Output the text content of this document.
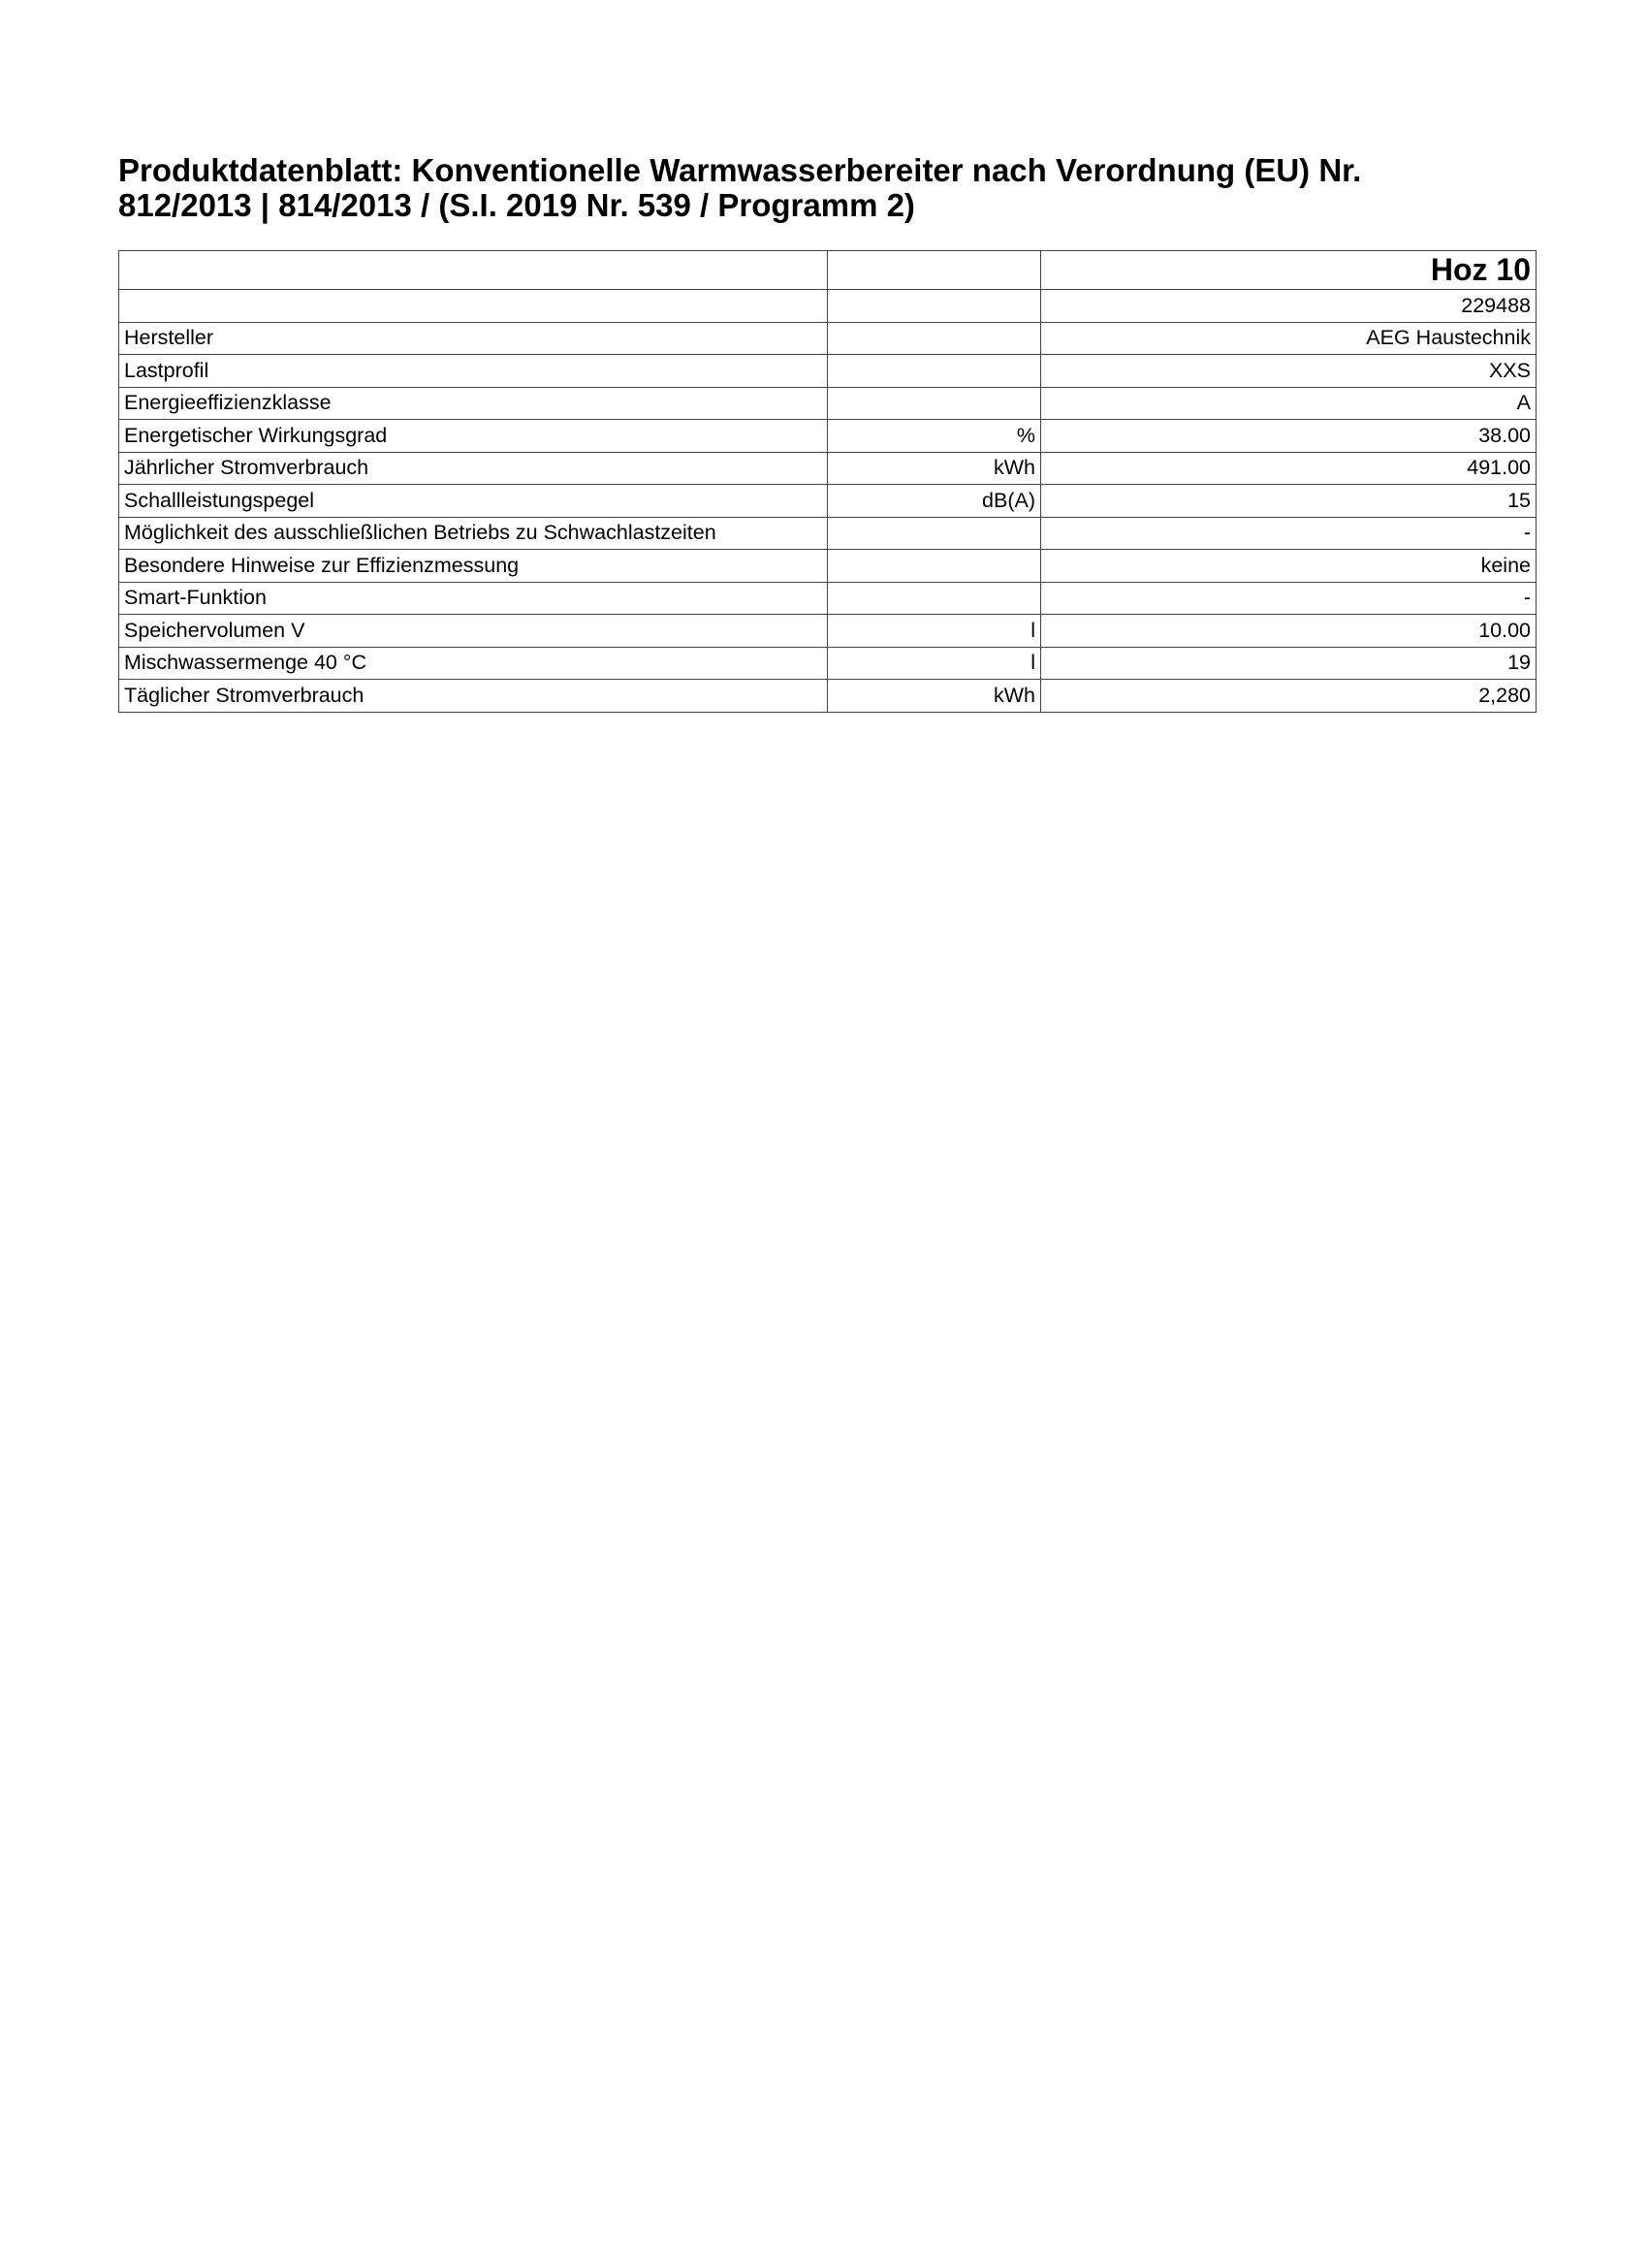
Produktdatenblatt: Konventionelle Warmwasserbereiter nach Verordnung (EU) Nr.
812/2013 | 814/2013 / (S.I. 2019 Nr. 539 / Programm 2)
		Hoz 10
		229488
Hersteller		AEG Haustechnik
Lastprofil		XXS
Energieeffizienzklasse		A
Energetischer Wirkungsgrad	%	38.00
Jährlicher Stromverbrauch	kWh	491.00
Schallleistungspegel	dB(A)	15
Möglichkeit des ausschließlichen Betriebs zu Schwachlastzeiten		-
Besondere Hinweise zur Effizienzmessung		keine
Smart-Funktion		-
Speichervolumen V	l	10.00
Mischwassermenge 40 °C	l	19
Täglicher Stromverbrauch	kWh	2,280
